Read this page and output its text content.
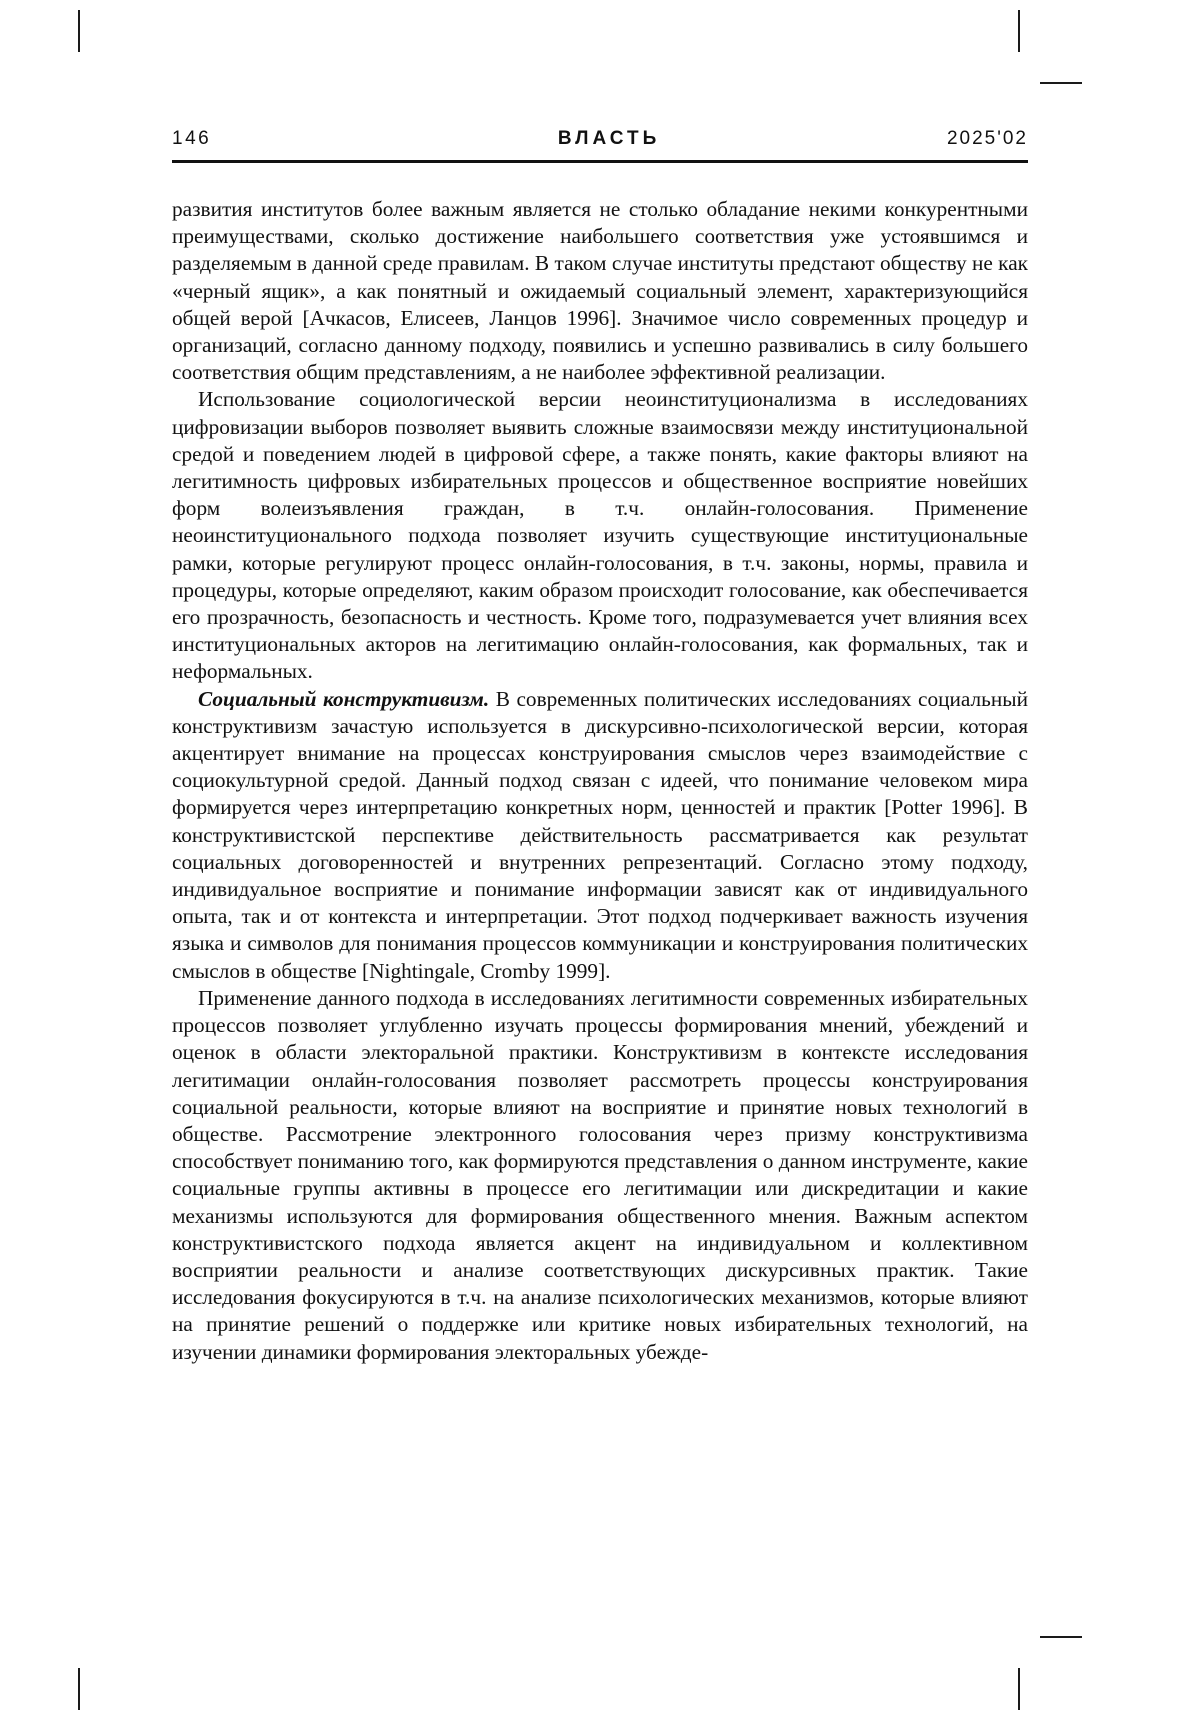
146	ВЛАСТЬ	2025'02

развития институтов более важным является не столько обладание некими конкурентными преимуществами, сколько достижение наибольшего соответствия уже устоявшимся и разделяемым в данной среде правилам. В таком случае институты предстают обществу не как «черный ящик», а как понятный и ожидаемый социальный элемент, характеризующийся общей верой [Ачкасов, Елисеев, Ланцов 1996]. Значимое число современных процедур и организаций, согласно данному подходу, появились и успешно развивались в силу большего соответствия общим представлениям, а не наиболее эффективной реализации.

Использование социологической версии неоинституционализма в исследованиях цифровизации выборов позволяет выявить сложные взаимосвязи между институциональной средой и поведением людей в цифровой сфере, а также понять, какие факторы влияют на легитимность цифровых избирательных процессов и общественное восприятие новейших форм волеизъявления граждан, в т.ч. онлайн-голосования. Применение неоинституционального подхода позволяет изучить существующие институциональные рамки, которые регулируют процесс онлайн-голосования, в т.ч. законы, нормы, правила и процедуры, которые определяют, каким образом происходит голосование, как обеспечивается его прозрачность, безопасность и честность. Кроме того, подразумевается учет влияния всех институциональных акторов на легитимацию онлайн-голосования, как формальных, так и неформальных.

Социальный конструктивизм. В современных политических исследованиях социальный конструктивизм зачастую используется в дискурсивно-психологической версии, которая акцентирует внимание на процессах конструирования смыслов через взаимодействие с социокультурной средой. Данный подход связан с идеей, что понимание человеком мира формируется через интерпретацию конкретных норм, ценностей и практик [Potter 1996]. В конструктивистской перспективе действительность рассматривается как результат социальных договоренностей и внутренних репрезентаций. Согласно этому подходу, индивидуальное восприятие и понимание информации зависят как от индивидуального опыта, так и от контекста и интерпретации. Этот подход подчеркивает важность изучения языка и символов для понимания процессов коммуникации и конструирования политических смыслов в обществе [Nightingale, Cromby 1999].

Применение данного подхода в исследованиях легитимности современных избирательных процессов позволяет углубленно изучать процессы формирования мнений, убеждений и оценок в области электоральной практики. Конструктивизм в контексте исследования легитимации онлайн-голосования позволяет рассмотреть процессы конструирования социальной реальности, которые влияют на восприятие и принятие новых технологий в обществе. Рассмотрение электронного голосования через призму конструктивизма способствует пониманию того, как формируются представления о данном инструменте, какие социальные группы активны в процессе его легитимации или дискредитации и какие механизмы используются для формирования общественного мнения. Важным аспектом конструктивистского подхода является акцент на индивидуальном и коллективном восприятии реальности и анализе соответствующих дискурсивных практик. Такие исследования фокусируются в т.ч. на анализе психологических механизмов, которые влияют на принятие решений о поддержке или критике новых избирательных технологий, на изучении динамики формирования электоральных убежде-
